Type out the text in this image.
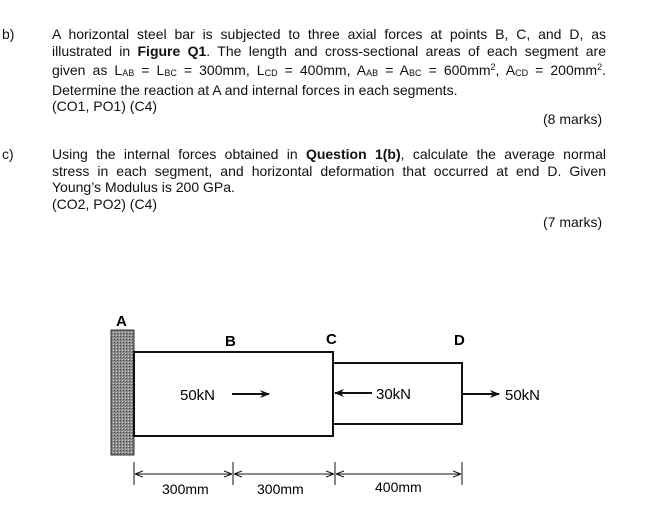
b)	A horizontal steel bar is subjected to three axial forces at points B, C, and D, as
illustrated in Figure Q1. The length and cross-sectional areas of each segment are
given as $L_{AB} = L_{BC} = 300mm$, $L_{CD} = 400mm$, $A_{AB} = A_{BC} = 600mm^2$, $A_{CD} = 200mm^2$.
Determine the reaction at A and internal forces in each segments.
(CO1, PO1) (C4)
(8 marks)
c)	Using the internal forces obtained in Question 1(b), calculate the average normal
stress in each segment, and horizontal deformation that occurred at end D. Given
Young’s Modulus is 200 GPa.
(CO2, PO2) (C4)
(7 marks)
A
B	C	D
50kN	30kN	50kN
300mm	300mm	400mm
